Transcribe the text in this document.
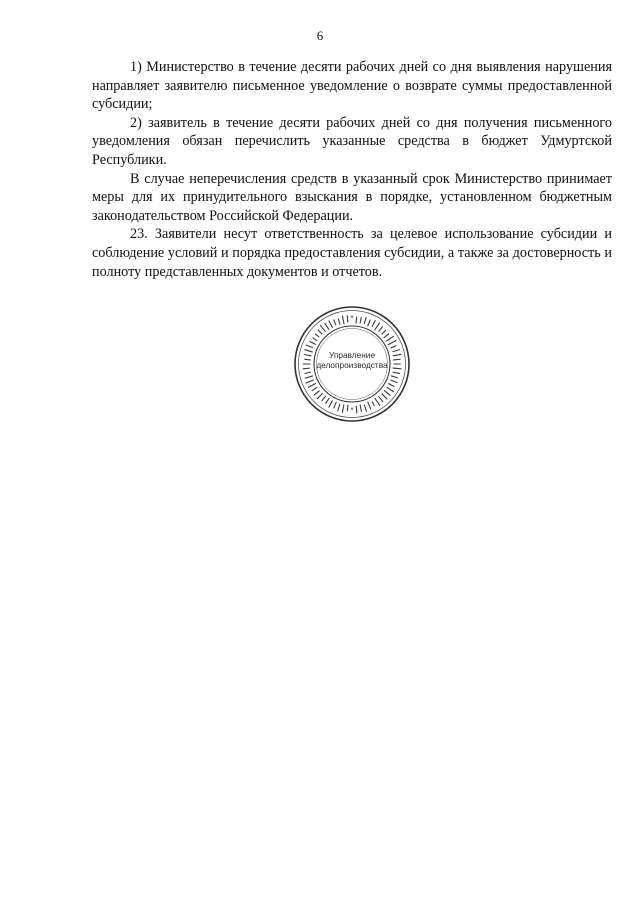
6

1) Министерство в течение десяти рабочих дней со дня выявления нарушения направляет заявителю письменное уведомление о возврате суммы предоставленной субсидии;

2) заявитель в течение десяти рабочих дней со дня получения письменного уведомления обязан перечислить указанные средства в бюджет Удмуртской Республики.

В случае неперечисления средств в указанный срок Министерство принимает меры для их принудительного взыскания в порядке, установленном бюджетным законодательством Российской Федерации.

23. Заявители несут ответственность за целевое использование субсидии и соблюдение условий и порядка предоставления субсидии, а также за достоверность и полноту представленных документов и отчетов.

*
*
Управление
делопроизводства
